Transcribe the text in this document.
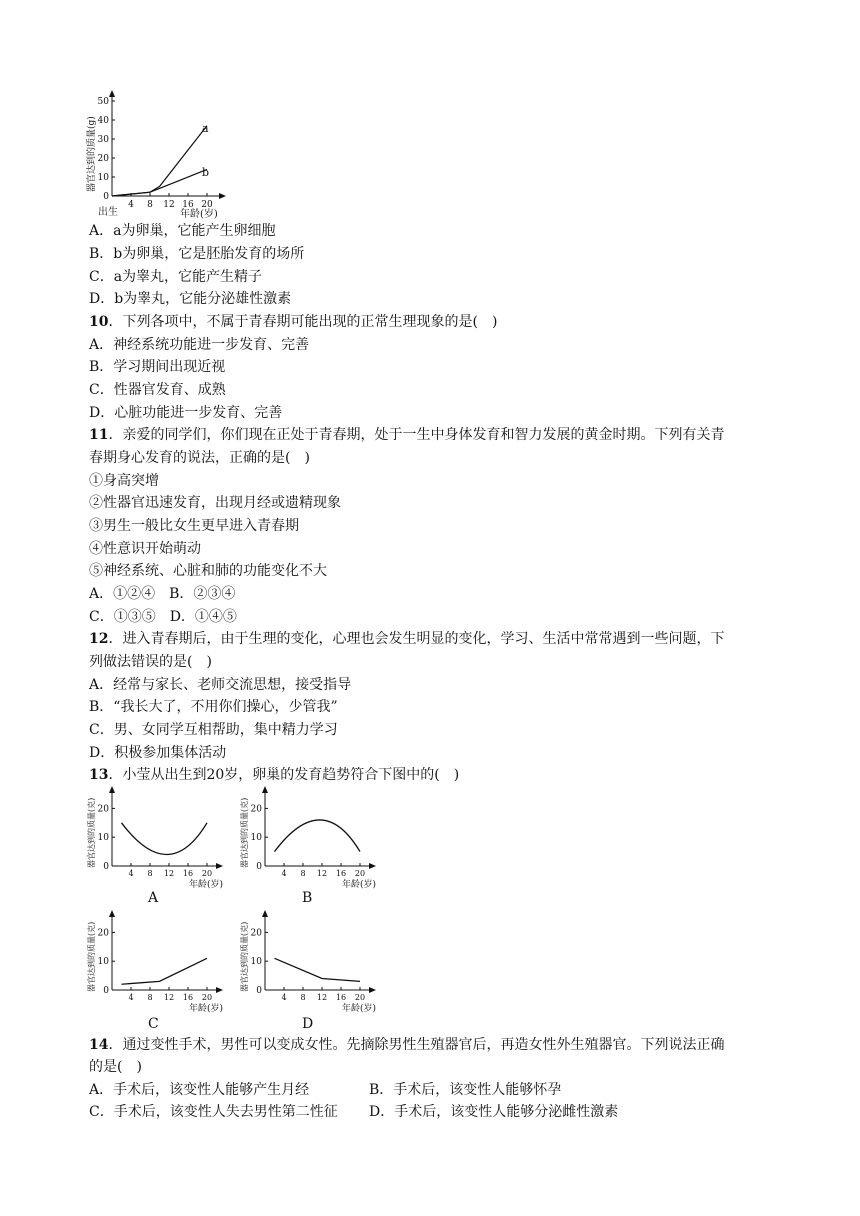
器官达到的质量(g)
0
10
20
30
40
50
4 8 12 16 20
出生	年龄(岁)
a
b
A．a为卵巢，它能产生卵细胞
B．b为卵巢，它是胚胎发育的场所
C．a为睾丸，它能产生精子
D．b为睾丸，它能分泌雄性激素
10．下列各项中，不属于青春期可能出现的正常生理现象的是(　)
A．神经系统功能进一步发育、完善
B．学习期间出现近视
C．性器官发育、成熟
D．心脏功能进一步发育、完善
11．亲爱的同学们，你们现在正处于青春期，处于一生中身体发育和智力发展的黄金时期。下列有关青
春期身心发育的说法，正确的是(　)
①身高突增
②性器官迅速发育，出现月经或遗精现象
③男生一般比女生更早进入青春期
④性意识开始萌动
⑤神经系统、心脏和肺的功能变化不大
A．①②④　B．②③④
C．①③⑤　D．①④⑤
12．进入青春期后，由于生理的变化，心理也会发生明显的变化，学习、生活中常常遇到一些问题，下
列做法错误的是(　)
A．经常与家长、老师交流思想，接受指导
B．“我长大了，不用你们操心，少管我”
C．男、女同学互相帮助，集中精力学习
D．积极参加集体活动
13．小莹从出生到20岁，卵巢的发育趋势符合下图中的(　)
器官达到的质量(克) 0
10
20
4 8 12 16 20
年龄(岁)
器官达到的质量(克) 0
10
20
4 8 12 16 20
年龄(岁)
器官达到的质量(克) 0
10
20
4 8 12 16 20
年龄(岁)
器官达到的质量(克) 0
10
20
4 8 12 16 20
年龄(岁)
A	B
C	D
14．通过变性手术，男性可以变成女性。先摘除男性生殖器官后，再造女性外生殖器官。下列说法正确
的是(　)
A．手术后，该变性人能够产生月经	B．手术后，该变性人能够怀孕
C．手术后，该变性人失去男性第二性征 D．手术后，该变性人能够分泌雌性激素
